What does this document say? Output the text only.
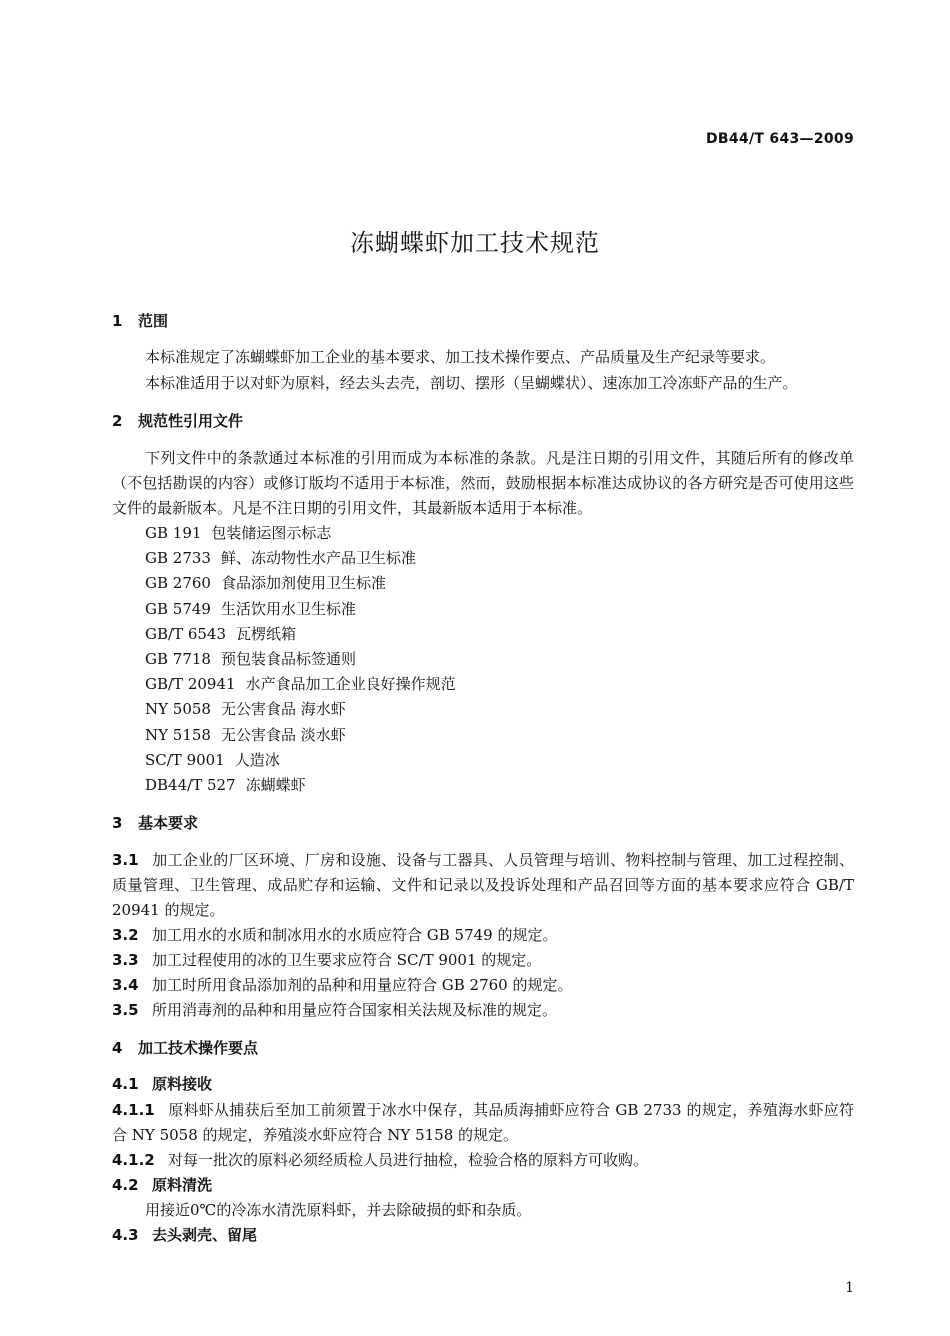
DB44/T 643—2009
冻蝴蝶虾加工技术规范
1 范围
本标准规定了冻蝴蝶虾加工企业的基本要求、加工技术操作要点、产品质量及生产纪录等要求。
本标准适用于以对虾为原料，经去头去壳，剖切、摆形（呈蝴蝶状）、速冻加工冷冻虾产品的生产。
2 规范性引用文件
下列文件中的条款通过本标准的引用而成为本标准的条款。凡是注日期的引用文件，其随后所有的修改单（不包括勘误的内容）或修订版均不适用于本标准，然而，鼓励根据本标准达成协议的各方研究是否可使用这些文件的最新版本。凡是不注日期的引用文件，其最新版本适用于本标准。
GB 191 包装储运图示标志
GB 2733 鲜、冻动物性水产品卫生标准
GB 2760 食品添加剂使用卫生标准
GB 5749 生活饮用水卫生标准
GB/T 6543 瓦楞纸箱
GB 7718 预包装食品标签通则
GB/T 20941 水产食品加工企业良好操作规范
NY 5058 无公害食品 海水虾
NY 5158 无公害食品 淡水虾
SC/T 9001 人造冰
DB44/T 527 冻蝴蝶虾
3 基本要求
3.1 加工企业的厂区环境、厂房和设施、设备与工器具、人员管理与培训、物料控制与管理、加工过程控制、质量管理、卫生管理、成品贮存和运输、文件和记录以及投诉处理和产品召回等方面的基本要求应符合 GB/T 20941 的规定。
3.2 加工用水的水质和制冰用水的水质应符合 GB 5749 的规定。
3.3 加工过程使用的冰的卫生要求应符合 SC/T 9001 的规定。
3.4 加工时所用食品添加剂的品种和用量应符合 GB 2760 的规定。
3.5 所用消毒剂的品种和用量应符合国家相关法规及标准的规定。
4 加工技术操作要点
4.1 原料接收
4.1.1 原料虾从捕获后至加工前须置于冰水中保存，其品质海捕虾应符合 GB 2733 的规定，养殖海水虾应符合 NY 5058 的规定，养殖淡水虾应符合 NY 5158 的规定。
4.1.2 对每一批次的原料必须经质检人员进行抽检，检验合格的原料方可收购。
4.2 原料清洗
用接近0℃的冷冻水清洗原料虾，并去除破损的虾和杂质。
4.3 去头剥壳、留尾
1
